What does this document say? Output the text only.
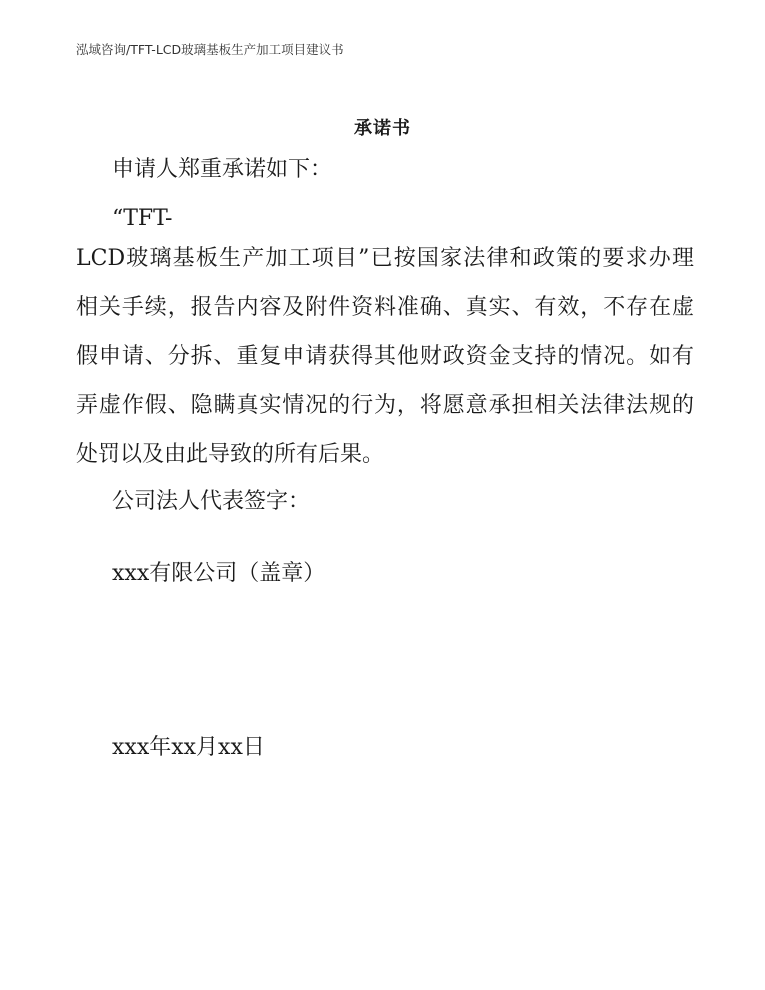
泓域咨询/TFT-LCD玻璃基板生产加工项目建议书
承诺书
申请人郑重承诺如下：
“TFT-
LCD玻璃基板生产加工项目”已按国家法律和政策的要求办理
相关手续，报告内容及附件资料准确、真实、有效，不存在虚
假申请、分拆、重复申请获得其他财政资金支持的情况。如有
弄虚作假、隐瞒真实情况的行为，将愿意承担相关法律法规的
处罚以及由此导致的所有后果。
公司法人代表签字：
xxx有限公司（盖章）
xxx年xx月xx日
